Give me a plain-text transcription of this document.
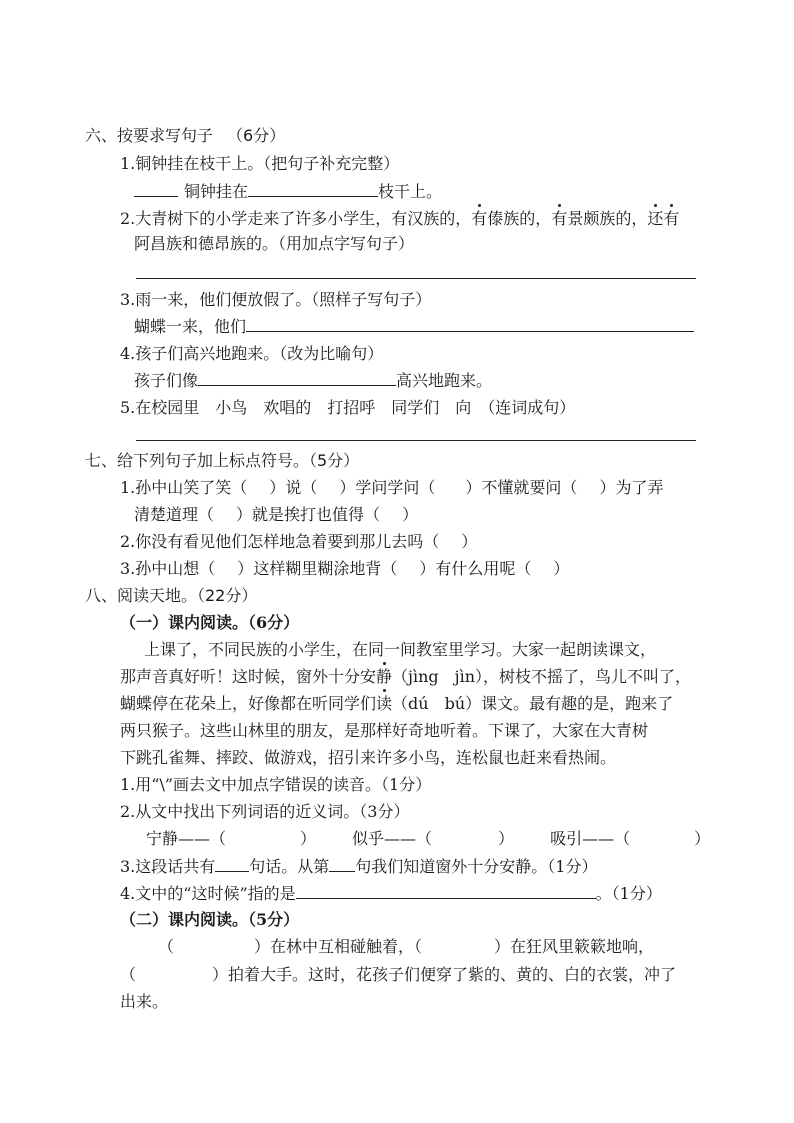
六、按要求写句子 （6分）
1.铜钟挂在枝干上。（把句子补充完整）
铜钟挂在	枝干上。
2.大青树下的小学走来了许多小学生，有汉族的，有傣族的，有景颇族的，还有
阿昌族和德昂族的。（用加点字写句子）
3.雨一来，他们便放假了。（照样子写句子）
蝴蝶一来，他们
4.孩子们高兴地跑来。（改为比喻句）
孩子们像	高兴地跑来。
5.在校园里　小鸟　欢唱的　打招呼　同学们　向　（连词成句）
七、给下列句子加上标点符号。（5分）
1.孙中山笑了笑（ ）说（ ）学问学问（ ）不懂就要问（ ）为了弄
清楚道理（ ）就是挨打也值得（ ）
2.你没有看见他们怎样地急着要到那儿去吗（ ）
3.孙中山想（ ）这样糊里糊涂地背（ ）有什么用呢（ ）
八、阅读天地。（22分）
（一）课内阅读。（6分）
上课了，不同民族的小学生，在同一间教室里学习。大家一起朗读课文，
那声音真好听！这时候，窗外十分安静（jìng　jìn），树枝不摇了，鸟儿不叫了，
蝴蝶停在花朵上，好像都在听同学们读（dú　bú）课文。最有趣的是，跑来了
两只猴子。这些山林里的朋友，是那样好奇地听着。下课了，大家在大青树
下跳孔雀舞、摔跤、做游戏，招引来许多小鸟，连松鼠也赶来看热闹。
1.用“\”画去文中加点字错误的读音。（1分）
2.从文中找出下列词语的近义词。（3分）
宁静——（	） 似乎——（	） 吸引——（	）
3.这段话共有 句话。从第 句我们知道窗外十分安静。（1分）
4.文中的“这时候”指的是	。（1分）
（二）课内阅读。（5分）
（	）在林中互相碰触着，（	）在狂风里簌簌地响，
（	）拍着大手。这时，花孩子们便穿了紫的、黄的、白的衣裳，冲了
出来。
